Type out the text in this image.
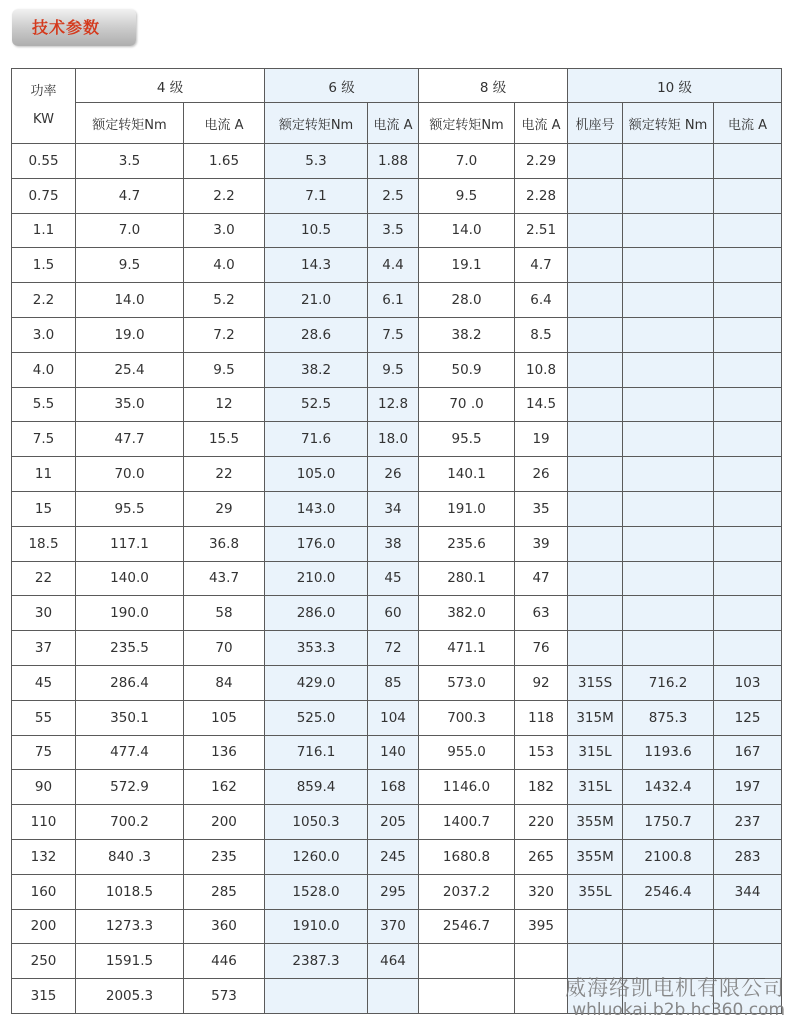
技术参数
功率
KW	4 级		6 级		8 级		10 级		
	额定转矩Nm	电流 A	额定转矩Nm	电流 A	额定转矩Nm	电流 A	机座号	额定转矩 Nm	电流 A
0.55	3.5	1.65	5.3	1.88	7.0	2.29			
0.75	4.7	2.2	7.1	2.5	9.5	2.28			
1.1	7.0	3.0	10.5	3.5	14.0	2.51			
1.5	9.5	4.0	14.3	4.4	19.1	4.7			
2.2	14.0	5.2	21.0	6.1	28.0	6.4			
3.0	19.0	7.2	28.6	7.5	38.2	8.5			
4.0	25.4	9.5	38.2	9.5	50.9	10.8			
5.5	35.0	12	52.5	12.8	70 .0	14.5			
7.5	47.7	15.5	71.6	18.0	95.5	19			
11	70.0	22	105.0	26	140.1	26			
15	95.5	29	143.0	34	191.0	35			
18.5	117.1	36.8	176.0	38	235.6	39			
22	140.0	43.7	210.0	45	280.1	47			
30	190.0	58	286.0	60	382.0	63			
37	235.5	70	353.3	72	471.1	76			
45	286.4	84	429.0	85	573.0	92	315S	716.2	103
55	350.1	105	525.0	104	700.3	118	315M	875.3	125
75	477.4	136	716.1	140	955.0	153	315L	1193.6	167
90	572.9	162	859.4	168	1146.0	182	315L	1432.4	197
110	700.2	200	1050.3	205	1400.7	220	355M	1750.7	237
132	840 .3	235	1260.0	245	1680.8	265	355M	2100.8	283
160	1018.5	285	1528.0	295	2037.2	320	355L	2546.4	344
200	1273.3	360	1910.0	370	2546.7	395			
250	1591.5	446	2387.3	464					
315	2005.3	573								威海络凯电机有限公司
whluokai.b2b.hc360.com
